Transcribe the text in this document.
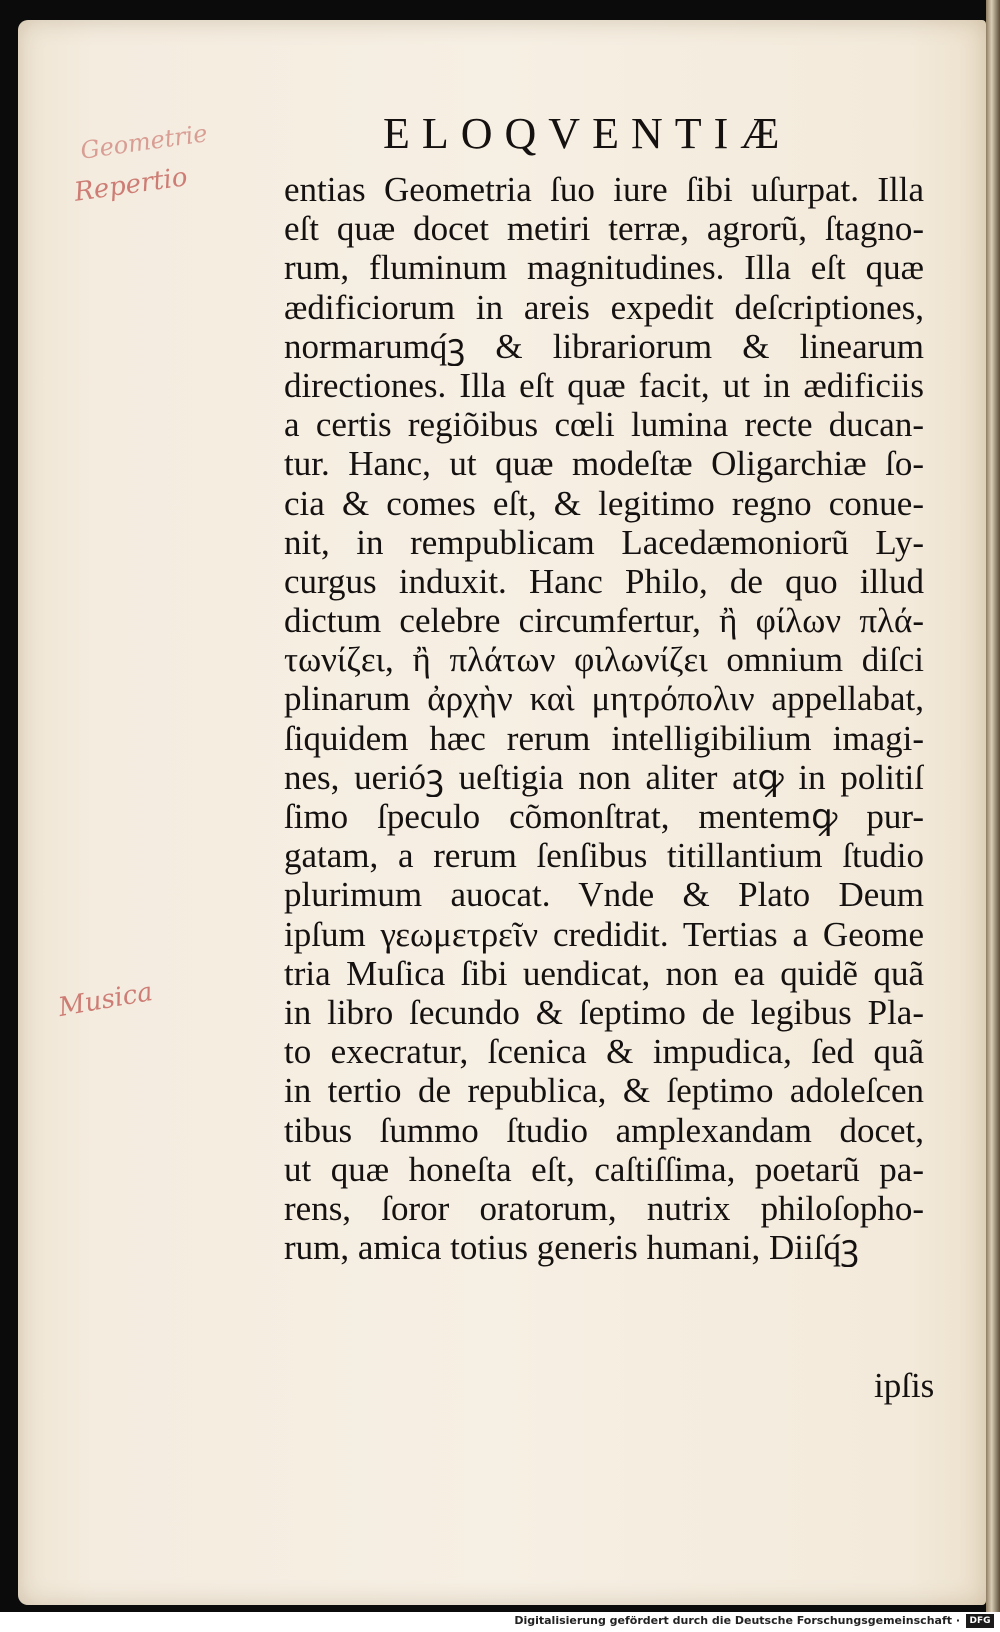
Geometrie
Repertio
Musica
ELOQVENTIÆ
entias Geometria ſuo iure ſibi uſurpat. Illa
eſt quæ docet metiri terræ, agrorũ, ſtagno-
rum, fluminum magnitudines. Illa eſt quæ
ædificiorum in areis expedit deſcriptiones,
normarumq́ꝫ & librariorum & linearum
directiones. Illa eſt quæ facit, ut in ædificiis
a certis regiõibus cœli lumina recte ducan-
tur. Hanc, ut quæ modeſtæ Oligarchiæ ſo-
cia & comes eſt, & legitimo regno conue-
nit, in rempublicam Lacedæmoniorũ Ly-
curgus induxit. Hanc Philo, de quo illud
dictum celebre circumfertur, ἢ φίλων πλά-
τωνίζει, ἢ πλάτων φιλωνίζει omnium diſci
plinarum ἀρχὴν καὶ μητρόπολιν appellabat,
ſiquidem hæc rerum intelligibilium imagi-
nes, uerióꝫ ueſtigia non aliter atꝙ in politiſ
ſimo ſpeculo cõmonſtrat, mentemꝙ pur-
gatam, a rerum ſenſibus titillantium ſtudio
plurimum auocat. Vnde & Plato Deum
ipſum γεωμετρεῖν credidit. Tertias a Geome
tria Muſica ſibi uendicat, non ea quidẽ quã
in libro ſecundo & ſeptimo de legibus Pla-
to execratur, ſcenica & impudica, ſed quã
in tertio de republica, & ſeptimo adoleſcen
tibus ſummo ſtudio amplexandam docet,
ut quæ honeſta eſt, caſtiſſima, poetarũ pa-
rens, ſoror oratorum, nutrix philoſopho-
rum, amica totius generis humani, Diiſq́ꝫ
ipſis
Digitalisierung gefördert durch die Deutsche Forschungsgemeinschaft ·	DFG
